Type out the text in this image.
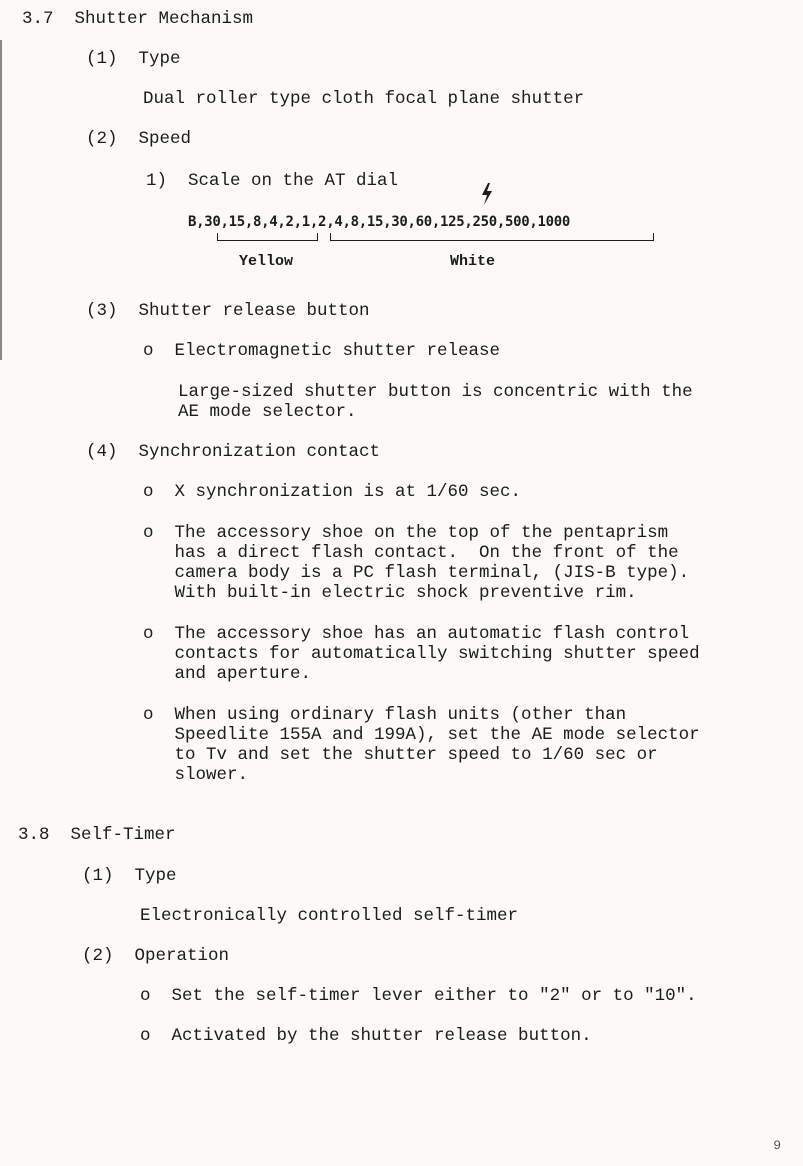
3.7  Shutter Mechanism
(1)  Type
Dual roller type cloth focal plane shutter
(2)  Speed
1)  Scale on the AT dial
B,30,15,8,4,2,1,2,4,8,15,30,60,125,250,500,1000
Yellow	White
(3)  Shutter release button
o  Electromagnetic shutter release
Large-sized shutter button is concentric with the
AE mode selector.
(4)  Synchronization contact
o  X synchronization is at 1/60 sec.
o  The accessory shoe on the top of the pentaprism
has a direct flash contact.  On the front of the
camera body is a PC flash terminal, (JIS-B type).
With built-in electric shock preventive rim.
o  The accessory shoe has an automatic flash control
contacts for automatically switching shutter speed
and aperture.
o  When using ordinary flash units (other than
Speedlite 155A and 199A), set the AE mode selector
to Tv and set the shutter speed to 1/60 sec or
slower.
3.8  Self-Timer
(1)  Type
Electronically controlled self-timer
(2)  Operation
o  Set the self-timer lever either to "2" or to "10".
o  Activated by the shutter release button.
9
